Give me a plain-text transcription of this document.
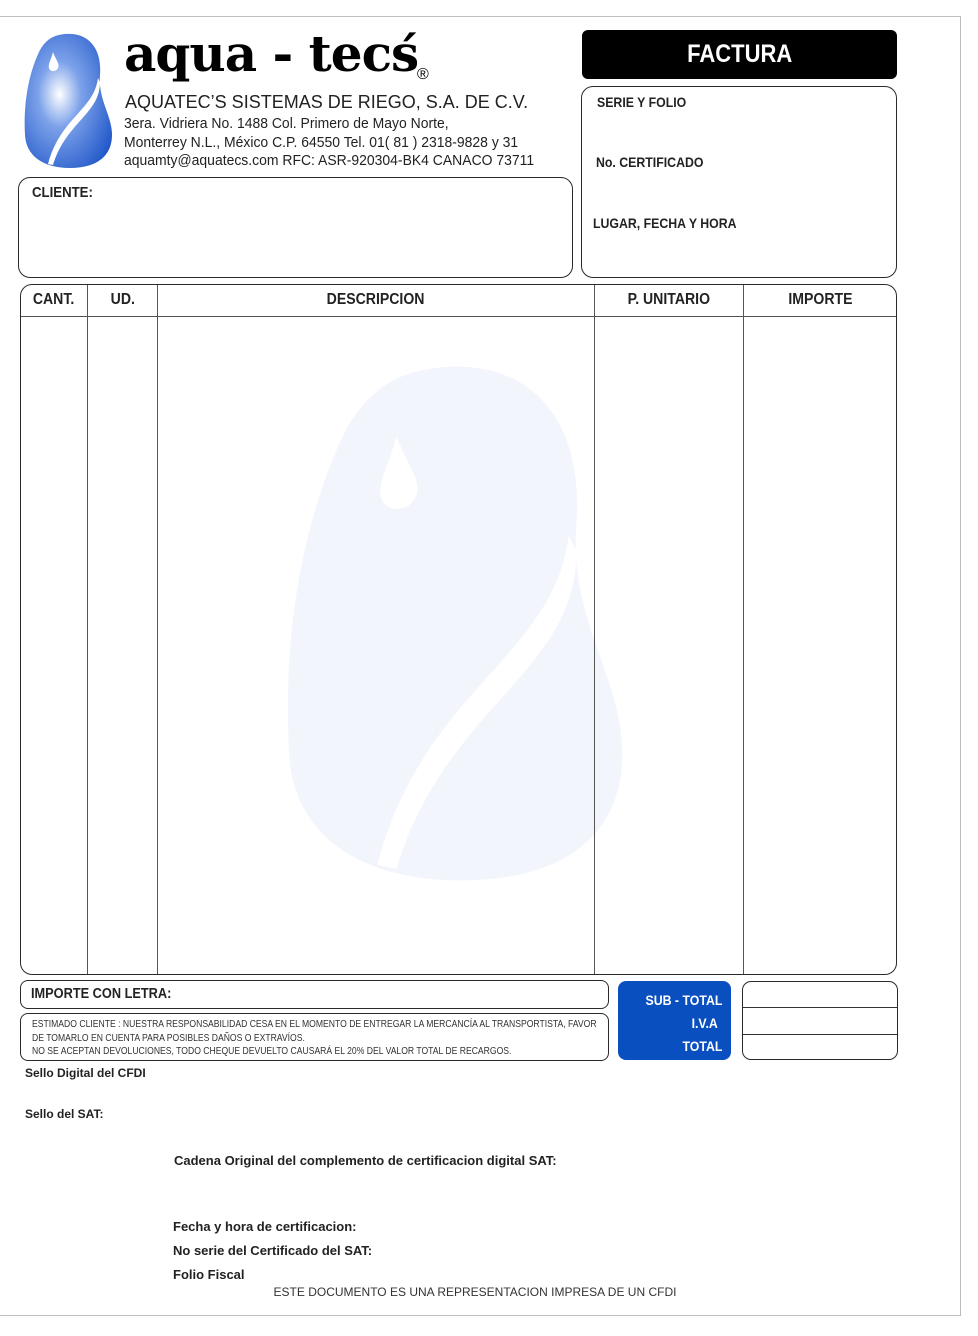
aqua - tecś
®
AQUATEC’S SISTEMAS DE RIEGO, S.A. DE C.V.
3era. Vidriera No. 1488 Col. Primero de Mayo Norte,
Monterrey N.L., México C.P. 64550 Tel. 01( 81 ) 2318-9828 y 31
aquamty@aquatecs.com RFC: ASR-920304-BK4 CANACO 73711
FACTURA
SERIE Y FOLIO
No. CERTIFICADO
LUGAR, FECHA Y HORA
CLIENTE:
CANT.	UD.	DESCRIPCION	P. UNITARIO	IMPORTE
IMPORTE CON LETRA:
ESTIMADO CLIENTE : NUESTRA RESPONSABILIDAD CESA EN EL MOMENTO DE ENTREGAR LA MERCANCÍA AL TRANSPORTISTA, FAVOR
DE TOMARLO EN CUENTA PARA POSIBLES DAÑOS O EXTRAVÍOS.
NO SE ACEPTAN DEVOLUCIONES, TODO CHEQUE DEVUELTO CAUSARÁ EL 20% DEL VALOR TOTAL DE RECARGOS.
SUB - TOTAL
I.V.A
TOTAL
Sello Digital del CFDI
Sello del SAT:
Cadena Original del complemento de certificacion digital SAT:
Fecha y hora de certificacion:
No serie del Certificado del SAT:
Folio Fiscal
ESTE DOCUMENTO ES UNA REPRESENTACION IMPRESA DE UN CFDI
